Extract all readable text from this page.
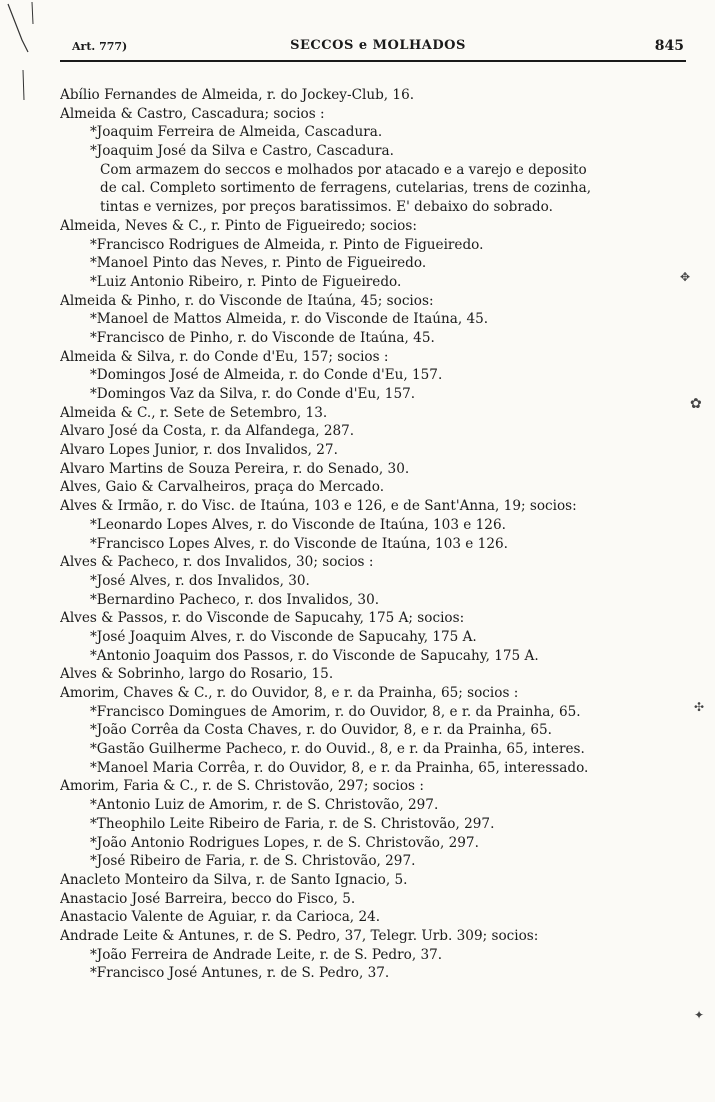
Art. 777)	SECCOS e MOLHADOS	845
Abílio Fernandes de Almeida, r. do Jockey-Club, 16.
Almeida & Castro, Cascadura; socios :
*Joaquim Ferreira de Almeida, Cascadura.
*Joaquim José da Silva e Castro, Cascadura.
Com armazem do seccos e molhados por atacado e a varejo e deposito
de cal. Completo sortimento de ferragens, cutelarias, trens de cozinha,
tintas e vernizes, por preços baratissimos. E' debaixo do sobrado.
Almeida, Neves & C., r. Pinto de Figueiredo; socios:
*Francisco Rodrigues de Almeida, r. Pinto de Figueiredo.
*Manoel Pinto das Neves, r. Pinto de Figueiredo.
*Luiz Antonio Ribeiro, r. Pinto de Figueiredo.
Almeida & Pinho, r. do Visconde de Itaúna, 45; socios:
*Manoel de Mattos Almeida, r. do Visconde de Itaúna, 45.
*Francisco de Pinho, r. do Visconde de Itaúna, 45.
Almeida & Silva, r. do Conde d'Eu, 157; socios :
*Domingos José de Almeida, r. do Conde d'Eu, 157.
*Domingos Vaz da Silva, r. do Conde d'Eu, 157.
Almeida & C., r. Sete de Setembro, 13.
Alvaro José da Costa, r. da Alfandega, 287.
Alvaro Lopes Junior, r. dos Invalidos, 27.
Alvaro Martins de Souza Pereira, r. do Senado, 30.
Alves, Gaio & Carvalheiros, praça do Mercado.
Alves & Irmão, r. do Visc. de Itaúna, 103 e 126, e de Sant'Anna, 19; socios:
*Leonardo Lopes Alves, r. do Visconde de Itaúna, 103 e 126.
*Francisco Lopes Alves, r. do Visconde de Itaúna, 103 e 126.
Alves & Pacheco, r. dos Invalidos, 30; socios :
*José Alves, r. dos Invalidos, 30.
*Bernardino Pacheco, r. dos Invalidos, 30.
Alves & Passos, r. do Visconde de Sapucahy, 175 A; socios:
*José Joaquim Alves, r. do Visconde de Sapucahy, 175 A.
*Antonio Joaquim dos Passos, r. do Visconde de Sapucahy, 175 A.
Alves & Sobrinho, largo do Rosario, 15.
Amorim, Chaves & C., r. do Ouvidor, 8, e r. da Prainha, 65; socios :
*Francisco Domingues de Amorim, r. do Ouvidor, 8, e r. da Prainha, 65.
*João Corrêa da Costa Chaves, r. do Ouvidor, 8, e r. da Prainha, 65.
*Gastão Guilherme Pacheco, r. do Ouvid., 8, e r. da Prainha, 65, interes.
*Manoel Maria Corrêa, r. do Ouvidor, 8, e r. da Prainha, 65, interessado.
Amorim, Faria & C., r. de S. Christovão, 297; socios :
*Antonio Luiz de Amorim, r. de S. Christovão, 297.
*Theophilo Leite Ribeiro de Faria, r. de S. Christovão, 297.
*João Antonio Rodrigues Lopes, r. de S. Christovão, 297.
*José Ribeiro de Faria, r. de S. Christovão, 297.
Anacleto Monteiro da Silva, r. de Santo Ignacio, 5.
Anastacio José Barreira, becco do Fisco, 5.
Anastacio Valente de Aguiar, r. da Carioca, 24.
Andrade Leite & Antunes, r. de S. Pedro, 37, Telegr. Urb. 309; socios:
*João Ferreira de Andrade Leite, r. de S. Pedro, 37.
*Francisco José Antunes, r. de S. Pedro, 37.
✥
✿
✣
✦
